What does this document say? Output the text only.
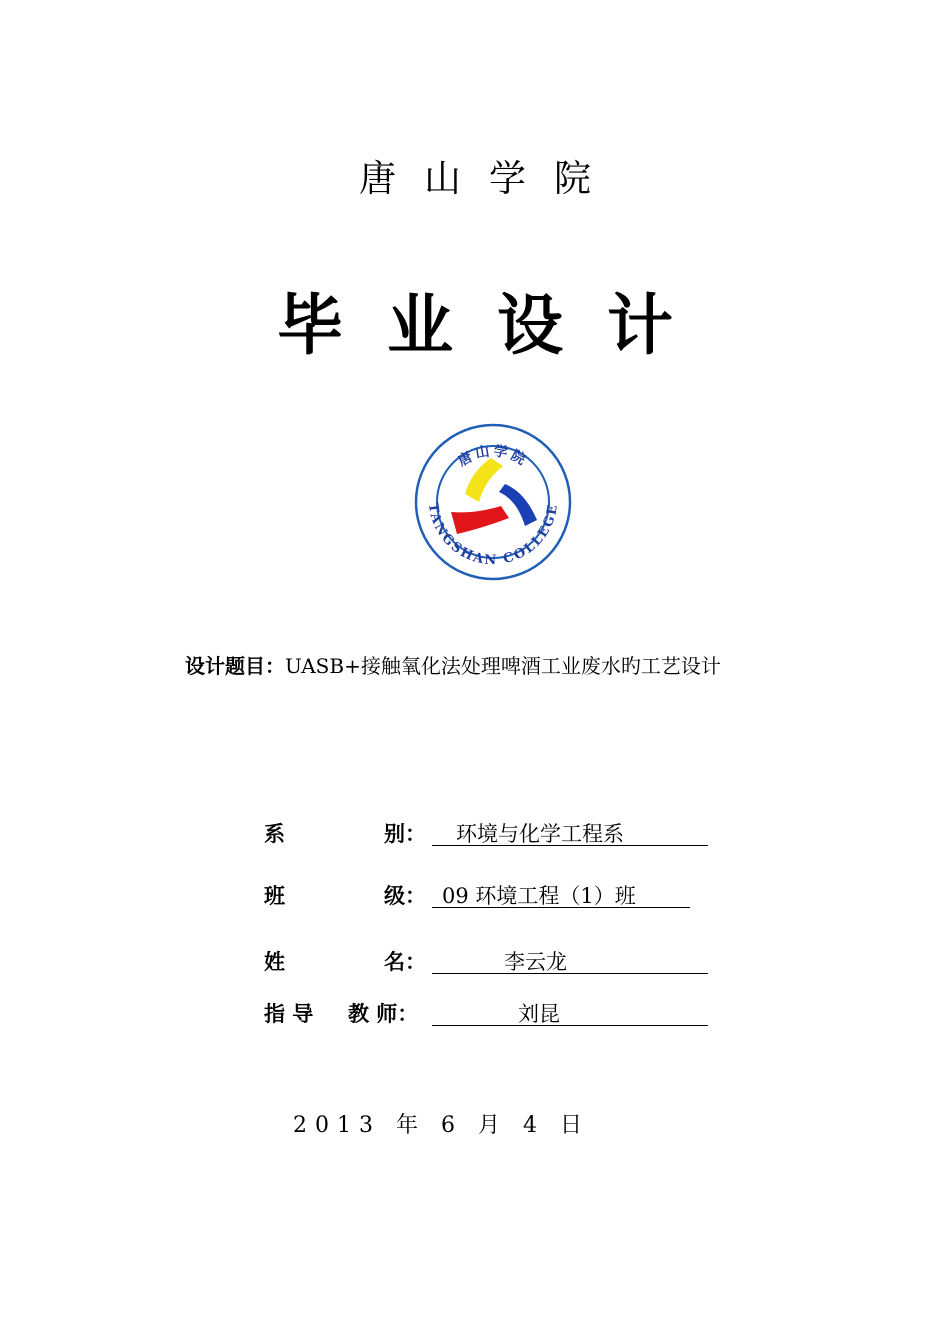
唐山学院
毕业设计
唐山学院
TANGSHAN COLLEGE
设计题目：UASB+接触氧化法处理啤酒工业废水旳工艺设计
系	别：	环境与化学工程系
班	级： 09 环境工程（1）班
姓	名：	李云龙
指 导 教 师：	刘昆
2013 年 6 月 4 日
